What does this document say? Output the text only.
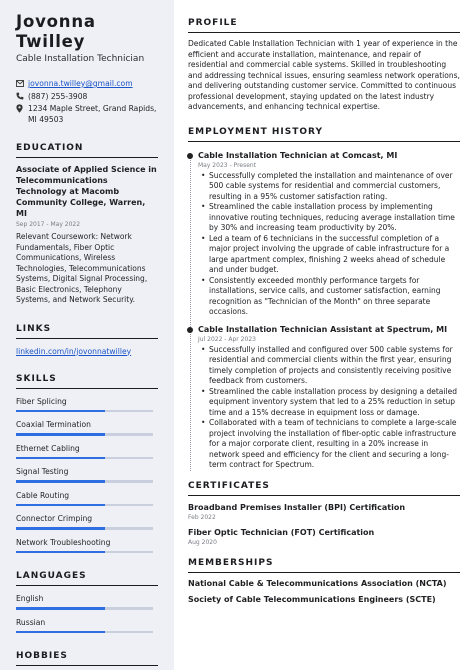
Jovonna Twilley
Cable Installation Technician
jovonna.twilley@gmail.com
(887) 255-3908
1234 Maple Street, Grand Rapids, MI 49503
EDUCATION
Associate of Applied Science in Telecommunications Technology at Macomb Community College, Warren, MI
Sep 2017 - May 2022
Relevant Coursework: Network Fundamentals, Fiber Optic Communications, Wireless Technologies, Telecommunications Systems, Digital Signal Processing, Basic Electronics, Telephony Systems, and Network Security.
LINKS
linkedin.com/in/jovonnatwilley
SKILLS
Fiber Splicing
Coaxial Termination
Ethernet Cabling
Signal Testing
Cable Routing
Connector Crimping
Network Troubleshooting
LANGUAGES
English
Russian
HOBBIES
PROFILE
Dedicated Cable Installation Technician with 1 year of experience in the efficient and accurate installation, maintenance, and repair of residential and commercial cable systems. Skilled in troubleshooting and addressing technical issues, ensuring seamless network operations, and delivering outstanding customer service. Committed to continuous professional development, staying updated on the latest industry advancements, and enhancing technical expertise.
EMPLOYMENT HISTORY
Cable Installation Technician at Comcast, MI
May 2023 - Present
• Successfully completed the installation and maintenance of over 500 cable systems for residential and commercial customers, resulting in a 95% customer satisfaction rating.
• Streamlined the cable installation process by implementing innovative routing techniques, reducing average installation time by 30% and increasing team productivity by 20%.
• Led a team of 6 technicians in the successful completion of a major project involving the upgrade of cable infrastructure for a large apartment complex, finishing 2 weeks ahead of schedule and under budget.
• Consistently exceeded monthly performance targets for installations, service calls, and customer satisfaction, earning recognition as "Technician of the Month" on three separate occasions.
Cable Installation Technician Assistant at Spectrum, MI
Jul 2022 - Apr 2023
• Successfully installed and configured over 500 cable systems for residential and commercial clients within the first year, ensuring timely completion of projects and consistently receiving positive feedback from customers.
• Streamlined the cable installation process by designing a detailed equipment inventory system that led to a 25% reduction in setup time and a 15% decrease in equipment loss or damage.
• Collaborated with a team of technicians to complete a large-scale project involving the installation of fiber-optic cable infrastructure for a major corporate client, resulting in a 20% increase in network speed and efficiency for the client and securing a long-term contract for Spectrum.
CERTIFICATES
Broadband Premises Installer (BPI) Certification
Feb 2022
Fiber Optic Technician (FOT) Certification
Aug 2020
MEMBERSHIPS
National Cable & Telecommunications Association (NCTA)
Society of Cable Telecommunications Engineers (SCTE)
